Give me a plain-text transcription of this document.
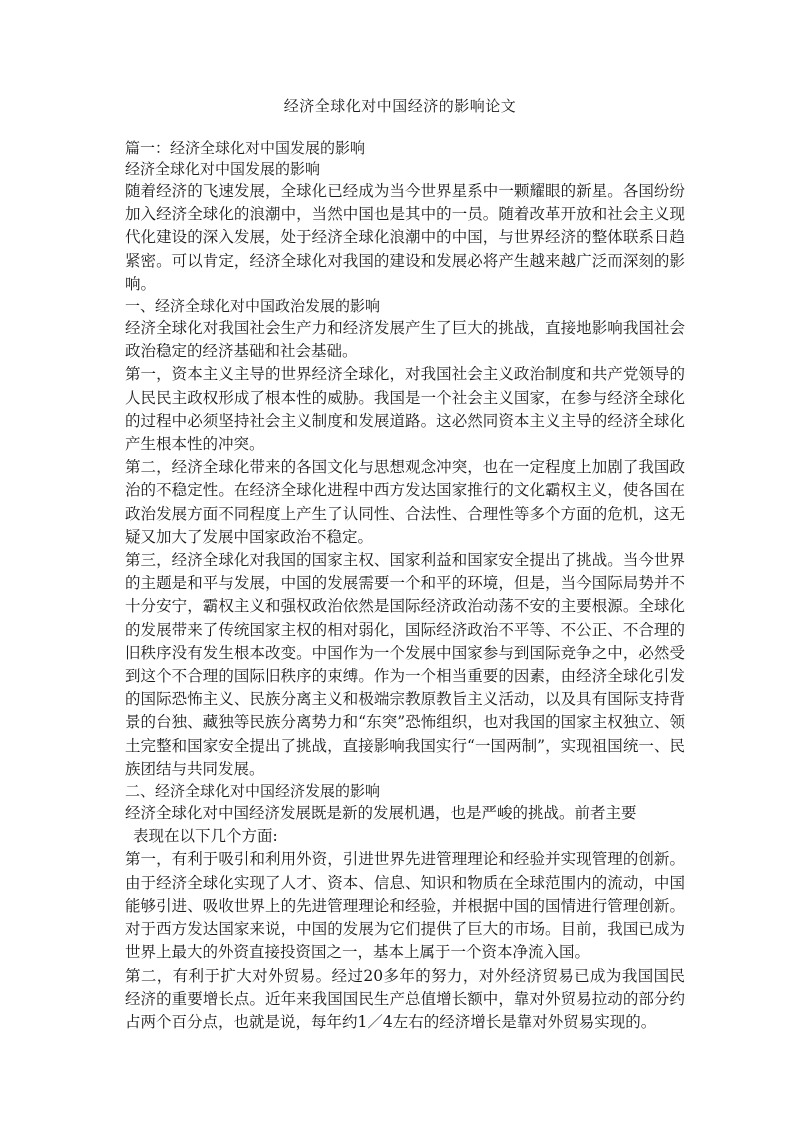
经济全球化对中国经济的影响论文

篇一：经济全球化对中国发展的影响

经济全球化对中国发展的影响

随着经济的飞速发展，全球化已经成为当今世界星系中一颗耀眼的新星。各国纷纷加入经济全球化的浪潮中，当然中国也是其中的一员。随着改革开放和社会主义现代化建设的深入发展，处于经济全球化浪潮中的中国，与世界经济的整体联系日趋紧密。可以肯定，经济全球化对我国的建设和发展必将产生越来越广泛而深刻的影响。

一、经济全球化对中国政治发展的影响

经济全球化对我国社会生产力和经济发展产生了巨大的挑战，直接地影响我国社会政治稳定的经济基础和社会基础。

第一，资本主义主导的世界经济全球化，对我国社会主义政治制度和共产党领导的人民民主政权形成了根本性的威胁。我国是一个社会主义国家，在参与经济全球化的过程中必须坚持社会主义制度和发展道路。这必然同资本主义主导的经济全球化产生根本性的冲突。

第二，经济全球化带来的各国文化与思想观念冲突，也在一定程度上加剧了我国政治的不稳定性。在经济全球化进程中西方发达国家推行的文化霸权主义，使各国在政治发展方面不同程度上产生了认同性、合法性、合理性等多个方面的危机，这无疑又加大了发展中国家政治不稳定。

第三，经济全球化对我国的国家主权、国家利益和国家安全提出了挑战。当今世界的主题是和平与发展，中国的发展需要一个和平的环境，但是，当今国际局势并不十分安宁，霸权主义和强权政治依然是国际经济政治动荡不安的主要根源。全球化的发展带来了传统国家主权的相对弱化，国际经济政治不平等、不公正、不合理的旧秩序没有发生根本改变。中国作为一个发展中国家参与到国际竞争之中，必然受到这个不合理的国际旧秩序的束缚。作为一个相当重要的因素，由经济全球化引发的国际恐怖主义、民族分离主义和极端宗教原教旨主义活动，以及具有国际支持背景的台独、藏独等民族分离势力和“东突”恐怖组织，也对我国的国家主权独立、领土完整和国家安全提出了挑战，直接影响我国实行“一国两制”，实现祖国统一、民族团结与共同发展。

二、经济全球化对中国经济发展的影响

经济全球化对中国经济发展既是新的发展机遇，也是严峻的挑战。前者主要

表现在以下几个方面:

第一，有利于吸引和利用外资，引进世界先进管理理论和经验并实现管理的创新。由于经济全球化实现了人才、资本、信息、知识和物质在全球范围内的流动，中国能够引进、吸收世界上的先进管理理论和经验，并根据中国的国情进行管理创新。对于西方发达国家来说，中国的发展为它们提供了巨大的市场。目前，我国已成为世界上最大的外资直接投资国之一，基本上属于一个资本净流入国。

第二，有利于扩大对外贸易。经过20多年的努力，对外经济贸易已成为我国国民经济的重要增长点。近年来我国国民生产总值增长额中，靠对外贸易拉动的部分约占两个百分点，也就是说，每年约1／4左右的经济增长是靠对外贸易实现的。
